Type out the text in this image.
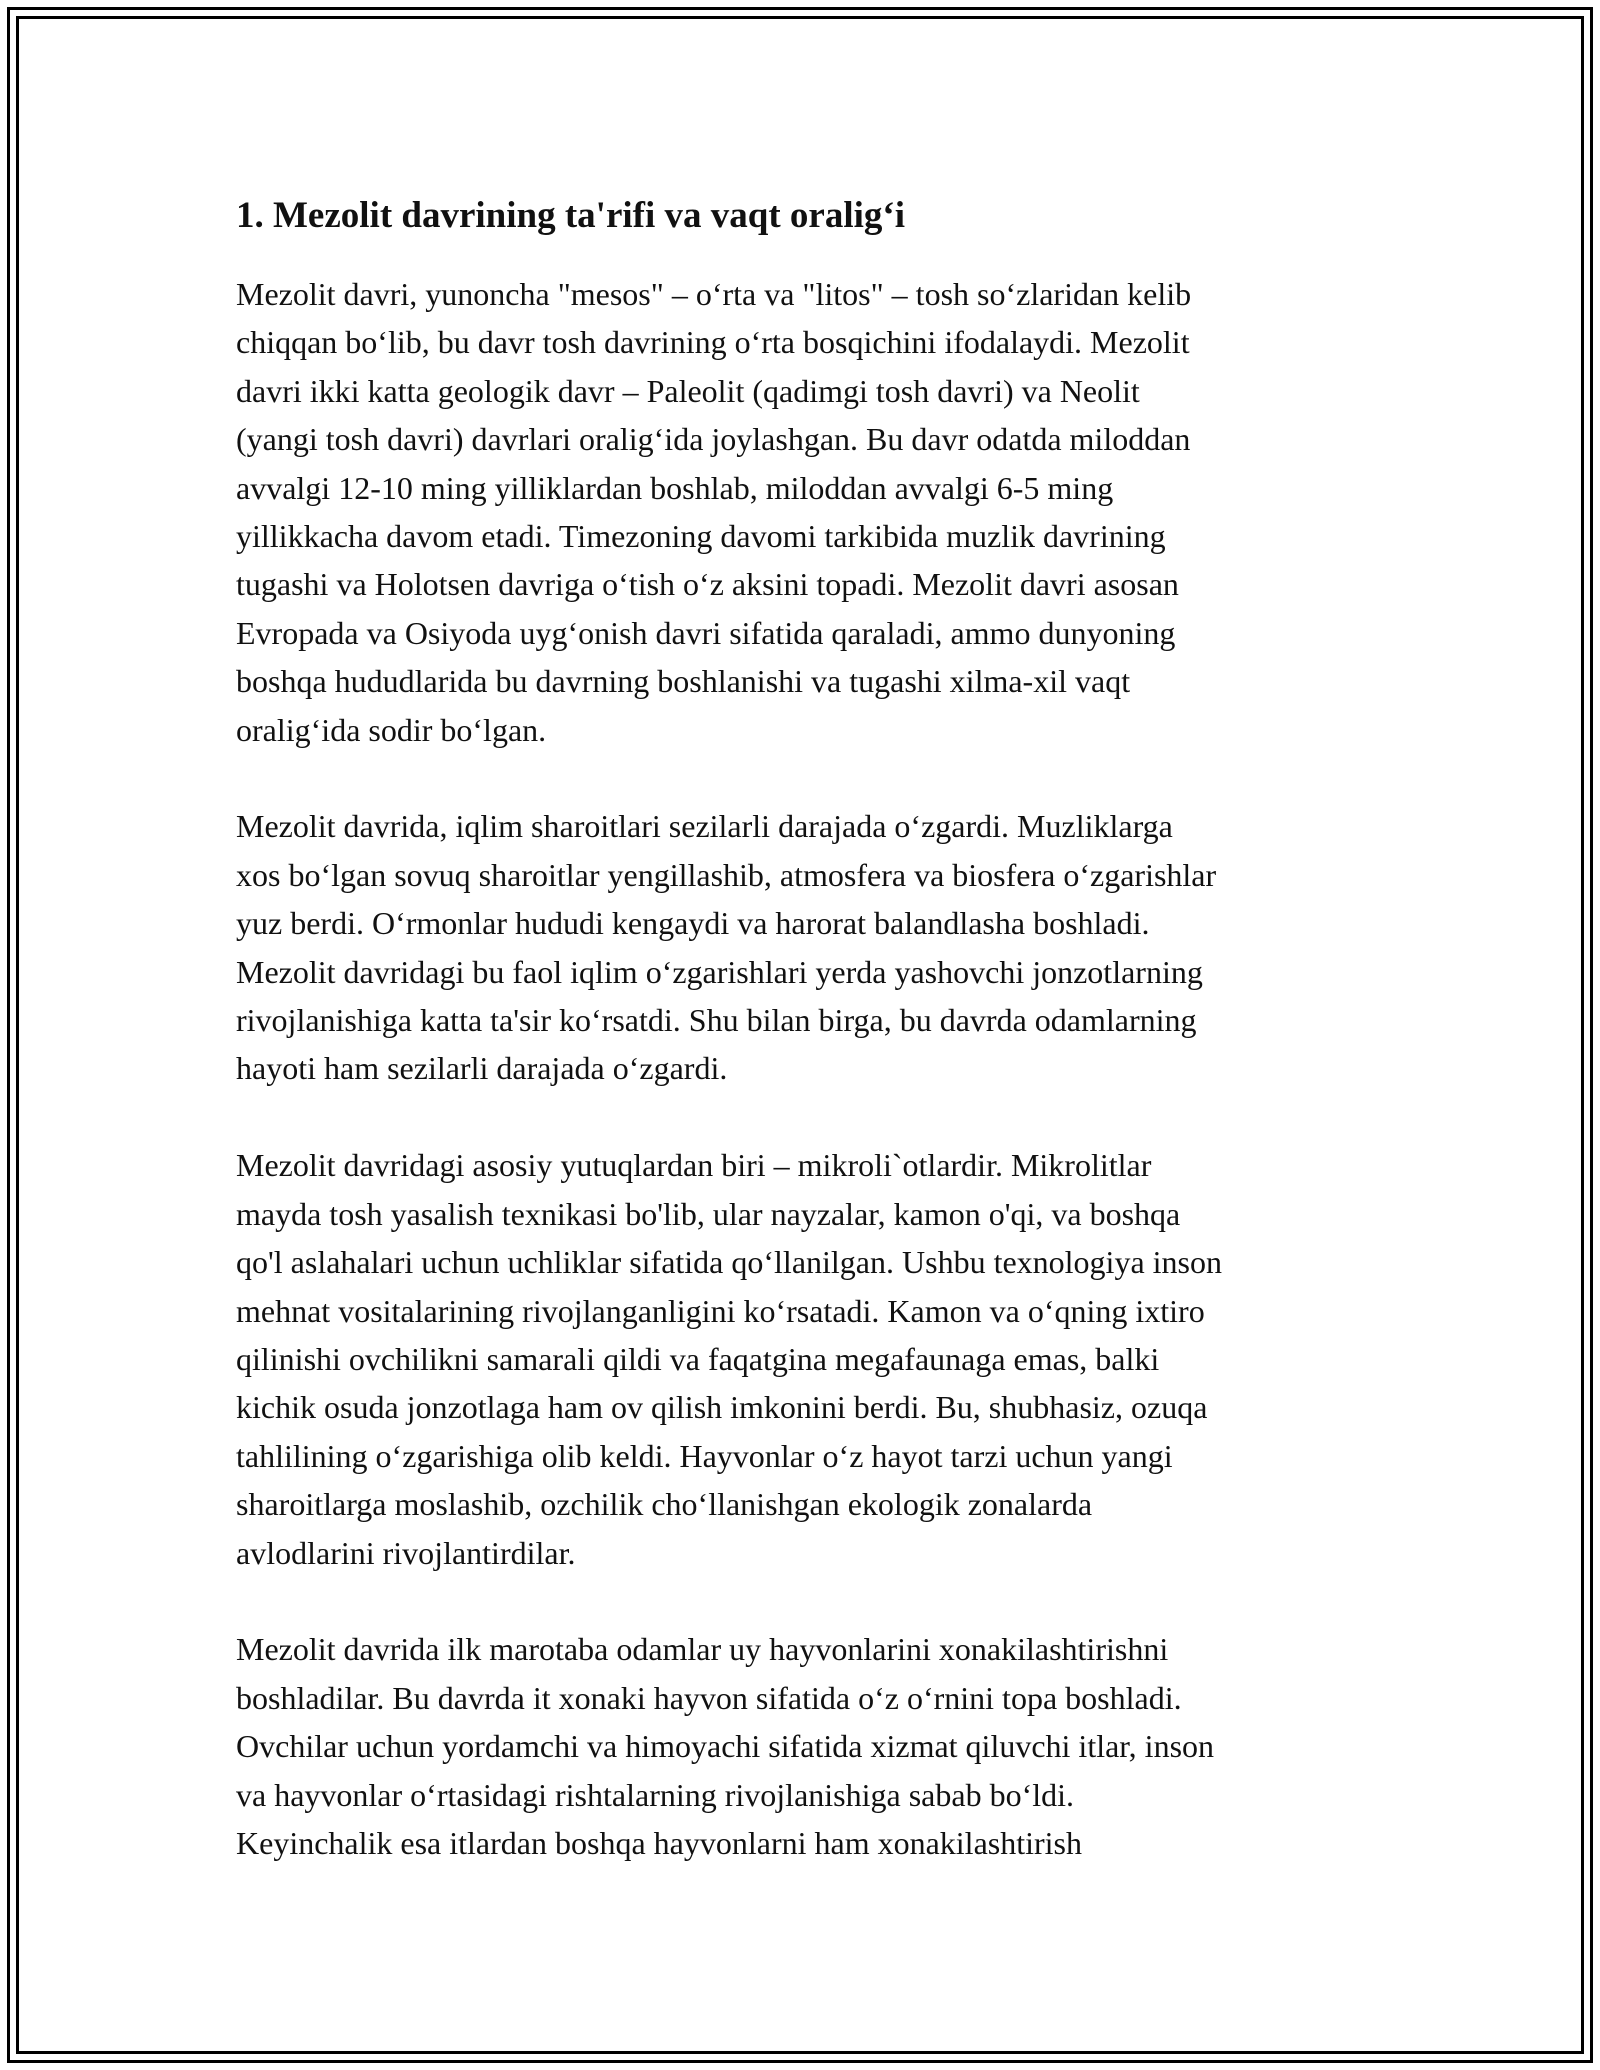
1. Mezolit davrining ta'rifi va vaqt oralig‘i

Mezolit davri, yunoncha "mesos" – o‘rta va "litos" – tosh so‘zlaridan kelib
chiqqan bo‘lib, bu davr tosh davrining o‘rta bosqichini ifodalaydi. Mezolit
davri ikki katta geologik davr – Paleolit (qadimgi tosh davri) va Neolit
(yangi tosh davri) davrlari oralig‘ida joylashgan. Bu davr odatda miloddan
avvalgi 12-10 ming yilliklardan boshlab, miloddan avvalgi 6-5 ming
yillikkacha davom etadi. Timezoning davomi tarkibida muzlik davrining
tugashi va Holotsen davriga o‘tish o‘z aksini topadi. Mezolit davri asosan
Evropada va Osiyoda uyg‘onish davri sifatida qaraladi, ammo dunyoning
boshqa hududlarida bu davrning boshlanishi va tugashi xilma-xil vaqt
oralig‘ida sodir bo‘lgan.

Mezolit davrida, iqlim sharoitlari sezilarli darajada o‘zgardi. Muzliklarga
xos bo‘lgan sovuq sharoitlar yengillashib, atmosfera va biosfera o‘zgarishlar
yuz berdi. O‘rmonlar hududi kengaydi va harorat balandlasha boshladi.
Mezolit davridagi bu faol iqlim o‘zgarishlari yerda yashovchi jonzotlarning
rivojlanishiga katta ta'sir ko‘rsatdi. Shu bilan birga, bu davrda odamlarning
hayoti ham sezilarli darajada o‘zgardi.

Mezolit davridagi asosiy yutuqlardan biri – mikroli`otlardir. Mikrolitlar
mayda tosh yasalish texnikasi bo'lib, ular nayzalar, kamon o'qi, va boshqa
qo'l aslahalari uchun uchliklar sifatida qo‘llanilgan. Ushbu texnologiya inson
mehnat vositalarining rivojlanganligini ko‘rsatadi. Kamon va o‘qning ixtiro
qilinishi ovchilikni samarali qildi va faqatgina megafaunaga emas, balki
kichik osuda jonzotlaga ham ov qilish imkonini berdi. Bu, shubhasiz, ozuqa
tahlilining o‘zgarishiga olib keldi. Hayvonlar o‘z hayot tarzi uchun yangi
sharoitlarga moslashib, ozchilik cho‘llanishgan ekologik zonalarda
avlodlarini rivojlantirdilar.

Mezolit davrida ilk marotaba odamlar uy hayvonlarini xonakilashtirishni
boshladilar. Bu davrda it xonaki hayvon sifatida o‘z o‘rnini topa boshladi.
Ovchilar uchun yordamchi va himoyachi sifatida xizmat qiluvchi itlar, inson
va hayvonlar o‘rtasidagi rishtalarning rivojlanishiga sabab bo‘ldi.
Keyinchalik esa itlardan boshqa hayvonlarni ham xonakilashtirish
